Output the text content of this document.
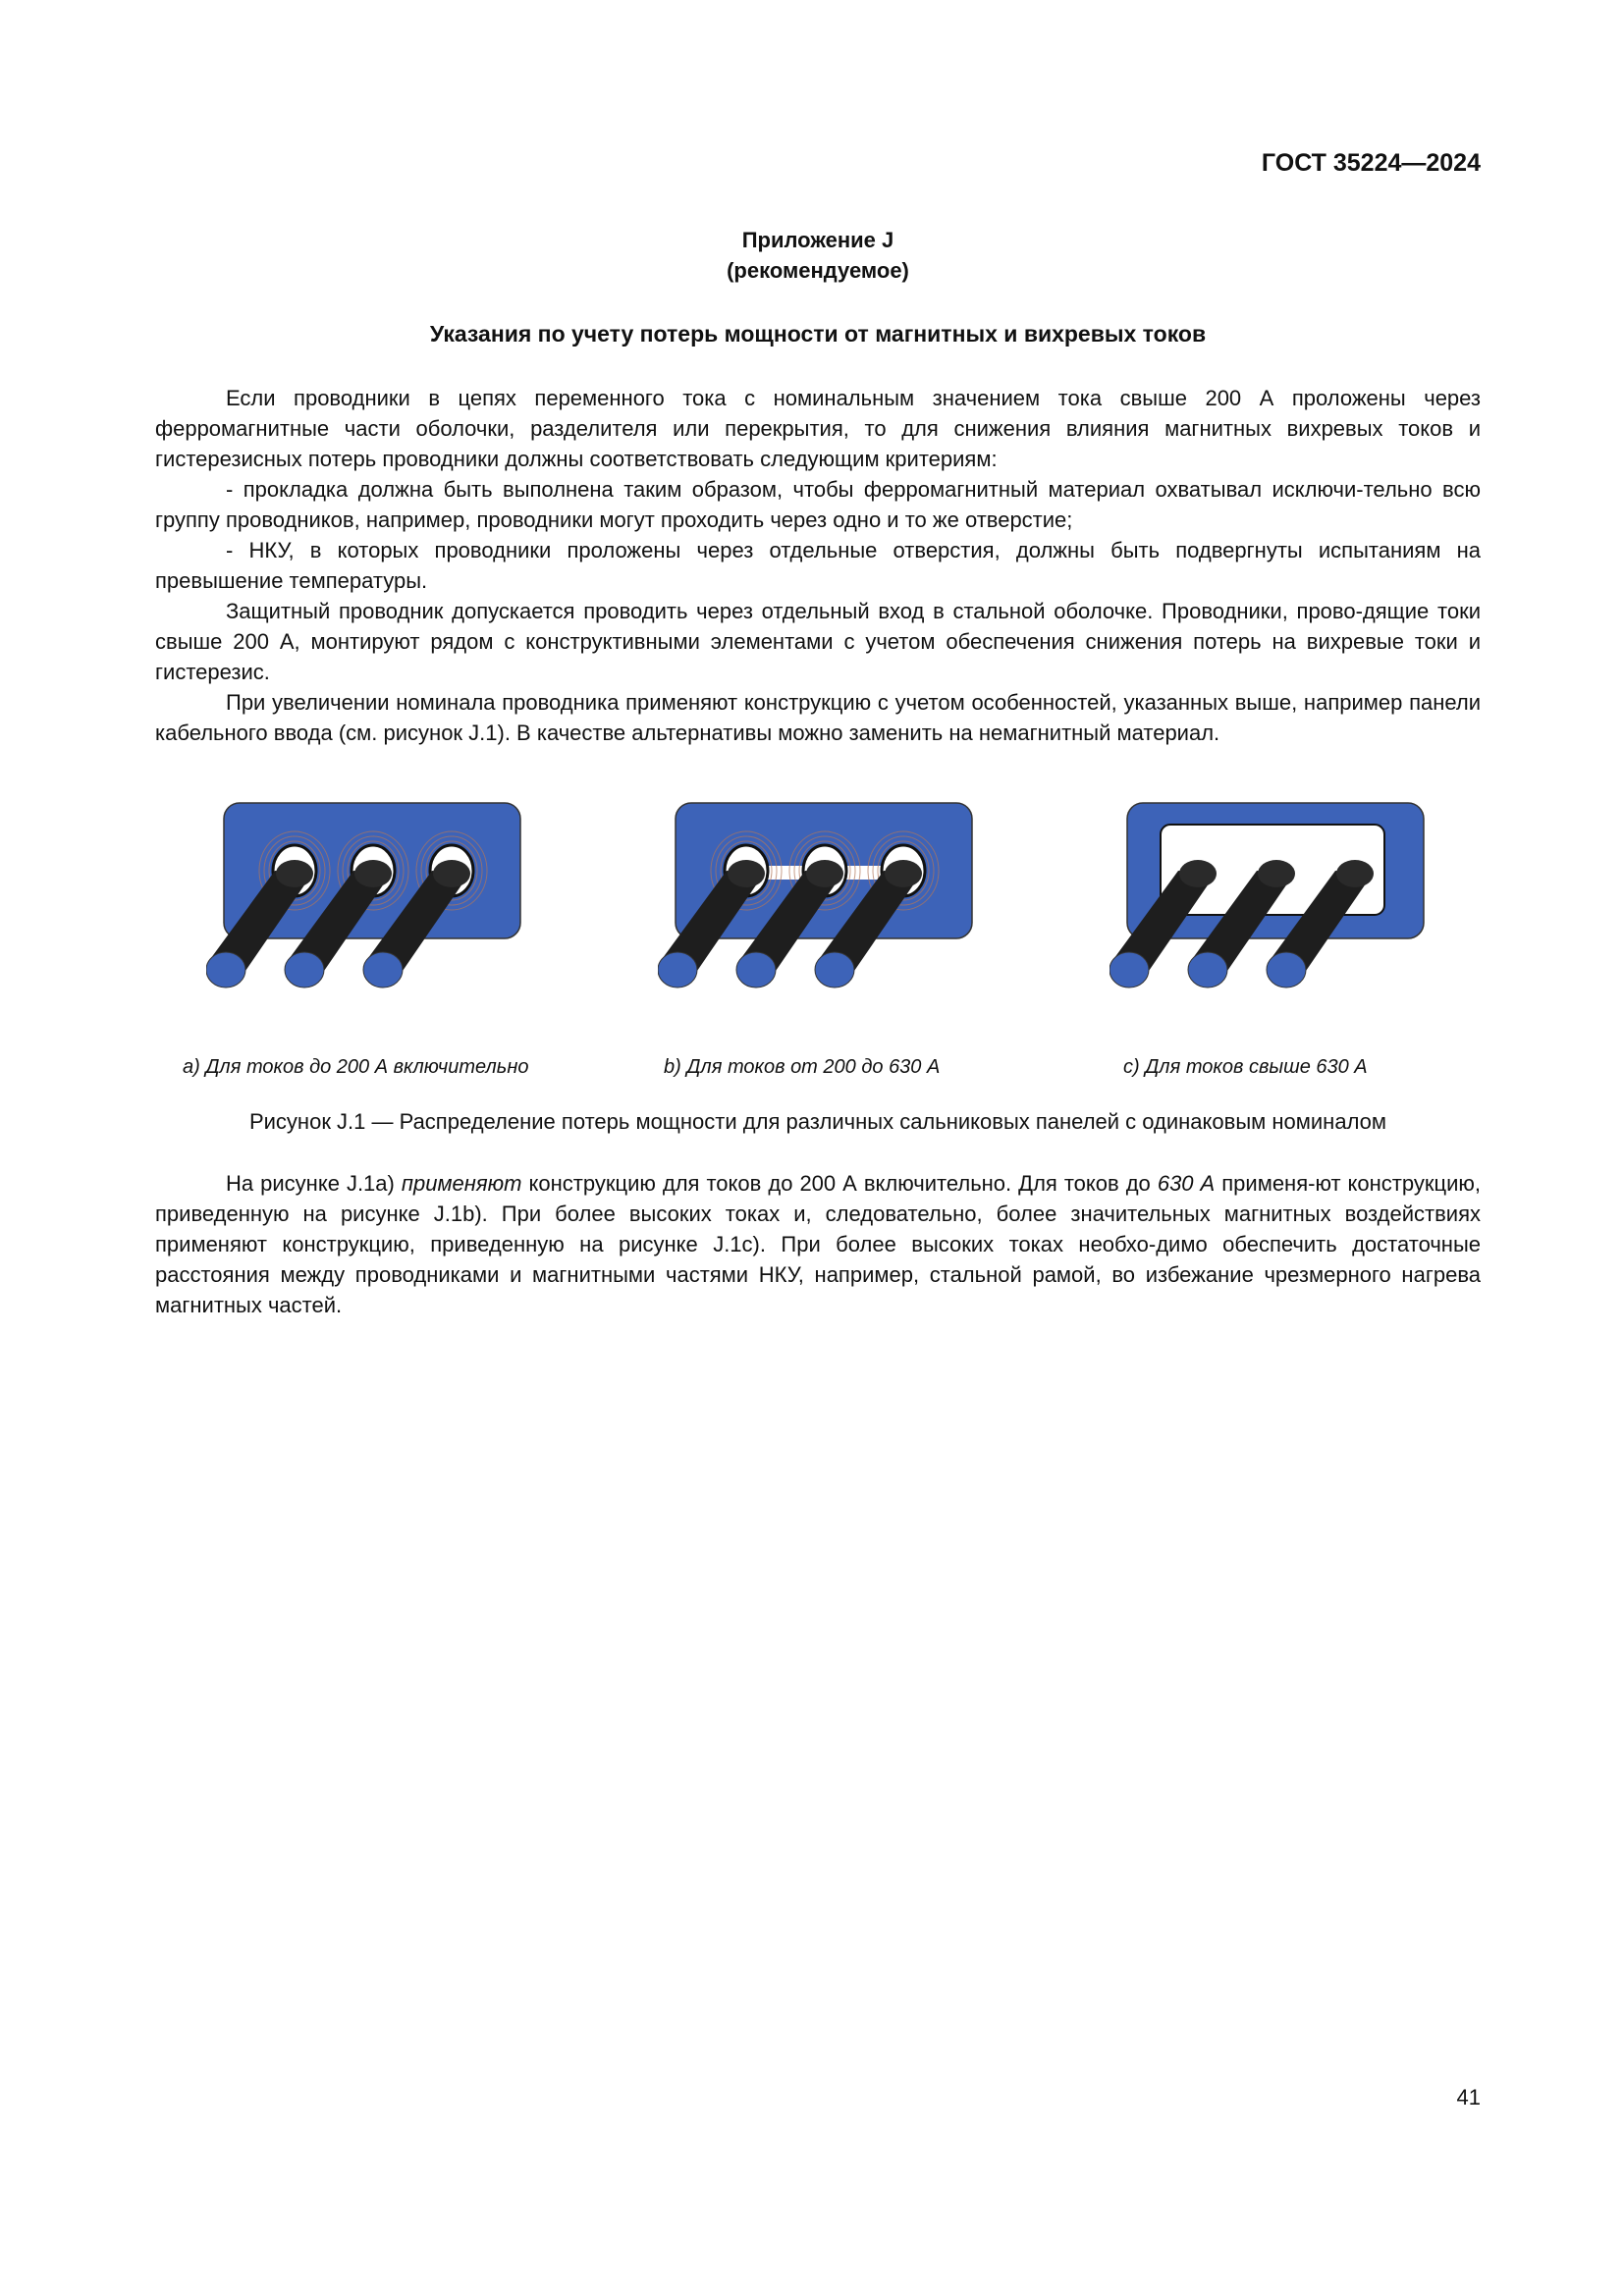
ГОСТ 35224—2024
Приложение J
(рекомендуемое)
Указания по учету потерь мощности от магнитных и вихревых токов

Если проводники в цепях переменного тока с номинальным значением тока свыше 200 А проложены через ферромагнитные части оболочки, разделителя или перекрытия, то для снижения влияния магнитных вихревых токов и гистерезисных потерь проводники должны соответствовать следующим критериям:

- прокладка должна быть выполнена таким образом, чтобы ферромагнитный материал охватывал исключи-тельно всю группу проводников, например, проводники могут проходить через одно и то же отверстие;

- НКУ, в которых проводники проложены через отдельные отверстия, должны быть подвергнуты испытаниям на превышение температуры.

Защитный проводник допускается проводить через отдельный вход в стальной оболочке. Проводники, прово-дящие токи свыше 200 А, монтируют рядом с конструктивными элементами с учетом обеспечения снижения потерь на вихревые токи и гистерезис.

При увеличении номинала проводника применяют конструкцию с учетом особенностей, указанных выше, например панели кабельного ввода (см. рисунок J.1). В качестве альтернативы можно заменить на немагнитный материал.

a) Для токов до 200 А включительно	b) Для токов от 200 до 630 А	c) Для токов свыше 630 А
Рисунок J.1 — Распределение потерь мощности для различных сальниковых панелей с одинаковым номиналом

На рисунке J.1a) применяют конструкцию для токов до 200 А включительно. Для токов до 630 А применя-ют конструкцию, приведенную на рисунке J.1b). При более высоких токах и, следовательно, более значительных магнитных воздействиях применяют конструкцию, приведенную на рисунке J.1c). При более высоких токах необхо-димо обеспечить достаточные расстояния между проводниками и магнитными частями НКУ, например, стальной рамой, во избежание чрезмерного нагрева магнитных частей.

41
